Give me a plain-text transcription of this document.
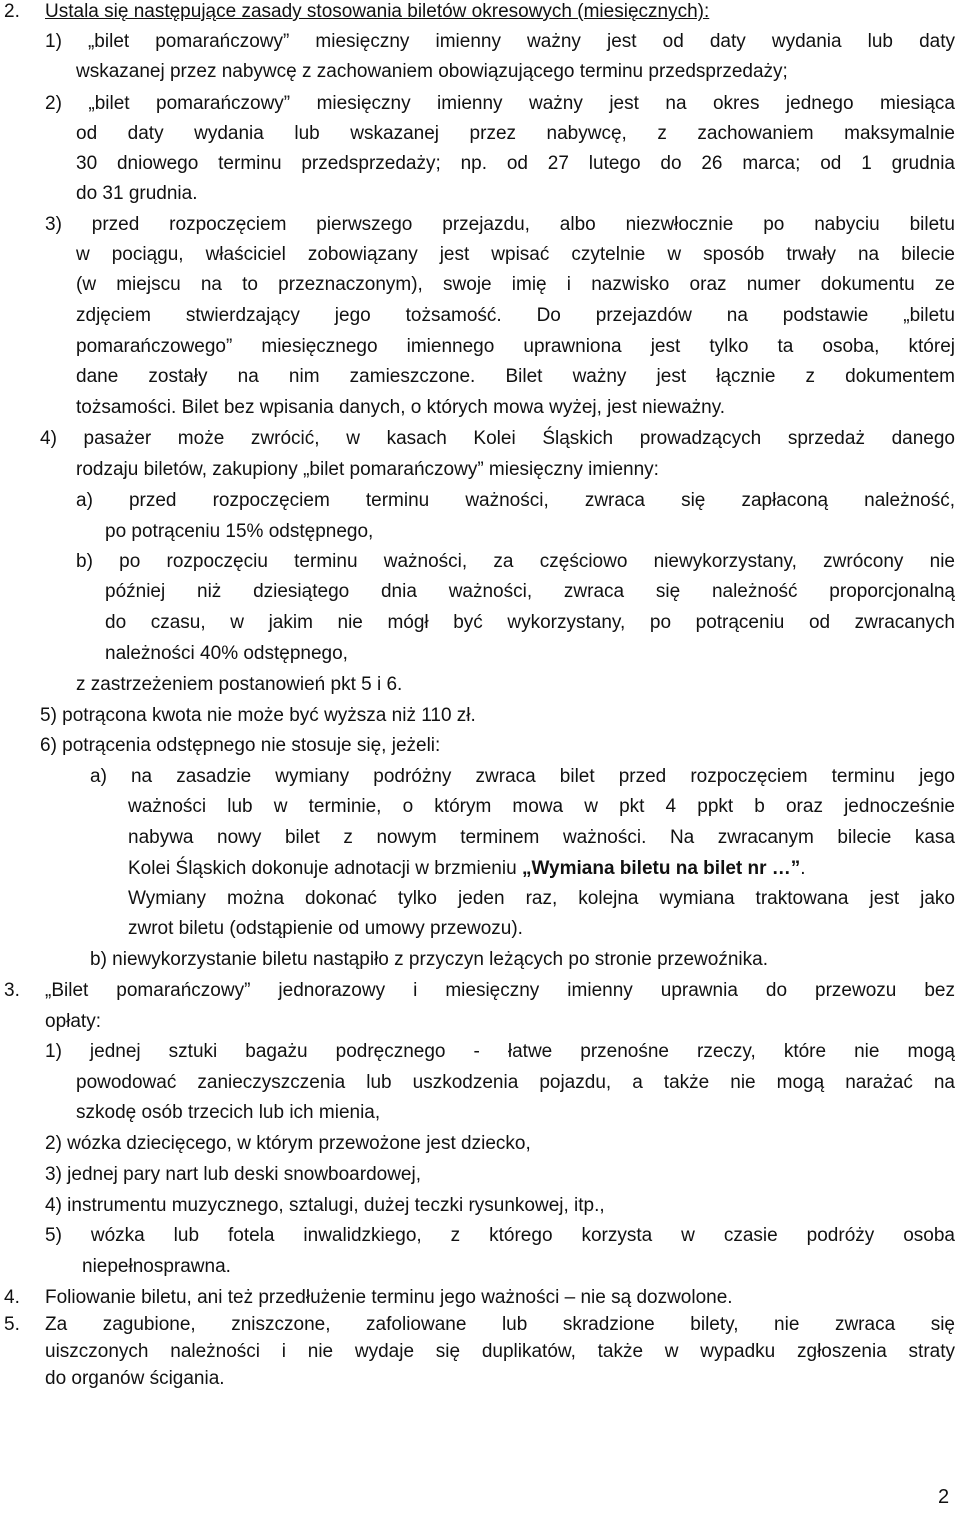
2. Ustala się następujące zasady stosowania biletów okresowych (miesięcznych):
1) „bilet pomarańczowy” miesięczny imienny ważny jest od daty wydania lub daty
wskazanej przez nabywcę z zachowaniem obowiązującego terminu przedsprzedaży;
2) „bilet pomarańczowy” miesięczny imienny ważny jest na okres jednego miesiąca
od daty wydania lub wskazanej przez nabywcę, z zachowaniem maksymalnie
30 dniowego terminu przedsprzedaży; np. od 27 lutego do 26 marca; od 1 grudnia
do 31 grudnia.
3) przed rozpoczęciem pierwszego przejazdu, albo niezwłocznie po nabyciu biletu
w pociągu, właściciel zobowiązany jest wpisać czytelnie w sposób trwały na bilecie
(w miejscu na to przeznaczonym), swoje imię i nazwisko oraz numer dokumentu ze
zdjęciem stwierdzający jego tożsamość. Do przejazdów na podstawie „biletu
pomarańczowego” miesięcznego imiennego uprawniona jest tylko ta osoba, której
dane zostały na nim zamieszczone. Bilet ważny jest łącznie z dokumentem
tożsamości. Bilet bez wpisania danych, o których mowa wyżej, jest nieważny.
4) pasażer może zwrócić, w kasach Kolei Śląskich prowadzących sprzedaż danego
rodzaju biletów, zakupiony „bilet pomarańczowy” miesięczny imienny:
a) przed rozpoczęciem terminu ważności, zwraca się zapłaconą należność,
po potrąceniu 15% odstępnego,
b) po rozpoczęciu terminu ważności, za częściowo niewykorzystany, zwrócony nie
później niż dziesiątego dnia ważności, zwraca się należność proporcjonalną
do czasu, w jakim nie mógł być wykorzystany, po potrąceniu od zwracanych
należności 40% odstępnego,
z zastrzeżeniem postanowień pkt 5 i 6.
5) potrącona kwota nie może być wyższa niż 110 zł.
6) potrącenia odstępnego nie stosuje się, jeżeli:
a) na zasadzie wymiany podróżny zwraca bilet przed rozpoczęciem terminu jego
ważności lub w terminie, o którym mowa w pkt 4 ppkt b oraz jednocześnie
nabywa nowy bilet z nowym terminem ważności. Na zwracanym bilecie kasa
Kolei Śląskich dokonuje adnotacji w brzmieniu „Wymiana biletu na bilet nr …”.
Wymiany można dokonać tylko jeden raz, kolejna wymiana traktowana jest jako
zwrot biletu (odstąpienie od umowy przewozu).
b) niewykorzystanie biletu nastąpiło z przyczyn leżących po stronie przewoźnika.
3. „Bilet pomarańczowy” jednorazowy i miesięczny imienny uprawnia do przewozu bez
opłaty:
1) jednej sztuki bagażu podręcznego - łatwe przenośne rzeczy, które nie mogą
powodować zanieczyszczenia lub uszkodzenia pojazdu, a także nie mogą narażać na
szkodę osób trzecich lub ich mienia,
2) wózka dziecięcego, w którym przewożone jest dziecko,
3) jednej pary nart lub deski snowboardowej,
4) instrumentu muzycznego, sztalugi, dużej teczki rysunkowej, itp.,
5) wózka lub fotela inwalidzkiego, z którego korzysta w czasie podróży osoba
niepełnosprawna.
4. Foliowanie biletu, ani też przedłużenie terminu jego ważności – nie są dozwolone.
5. Za zagubione, zniszczone, zafoliowane lub skradzione bilety, nie zwraca się
uiszczonych należności i nie wydaje się duplikatów, także w wypadku zgłoszenia straty
do organów ścigania.
2
